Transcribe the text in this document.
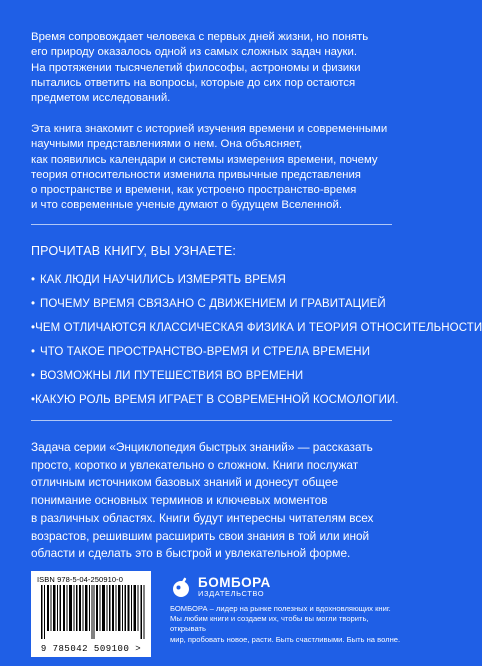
Время сопровождает человека с первых дней жизни, но понять
его природу оказалось одной из самых сложных задач науки.
На протяжении тысячелетий философы, астрономы и физики
пытались ответить на вопросы, которые до сих пор остаются
предметом исследований.

Эта книга знакомит с историей изучения времени и современными
научными представлениями о нем. Она объясняет,
как появились календари и системы измерения времени, почему
теория относительности изменила привычные представления
о пространстве и времени, как устроено пространство-время
и что современные ученые думают о будущем Вселенной.

ПРОЧИТАВ КНИГУ, ВЫ УЗНАЕТЕ:

• КАК ЛЮДИ НАУЧИЛИСЬ ИЗМЕРЯТЬ ВРЕМЯ
• ПОЧЕМУ ВРЕМЯ СВЯЗАНО С ДВИЖЕНИЕМ И ГРАВИТАЦИЕЙ
• ЧЕМ ОТЛИЧАЮТСЯ КЛАССИЧЕСКАЯ ФИЗИКА И ТЕОРИЯ ОТНОСИТЕЛЬНОСТИ
• ЧТО ТАКОЕ ПРОСТРАНСТВО-ВРЕМЯ И СТРЕЛА ВРЕМЕНИ
• ВОЗМОЖНЫ ЛИ ПУТЕШЕСТВИЯ ВО ВРЕМЕНИ
• КАКУЮ РОЛЬ ВРЕМЯ ИГРАЕТ В СОВРЕМЕННОЙ КОСМОЛОГИИ.

Задача серии «Энциклопедия быстрых знаний» — рассказать
просто, коротко и увлекательно о сложном. Книги послужат
отличным источником базовых знаний и донесут общее
понимание основных терминов и ключевых моментов
в различных областях. Книги будут интересны читателям всех
возрастов, решившим расширить свои знания в той или иной
области и сделать это в быстрой и увлекательной форме.

ISBN 978-5-04-250910-0
9 785042 509100 >
БОМБОРА
ИЗДАТЕЛЬСТВО

БОМБОРА – лидер на рынке полезных и вдохновляющих книг.
Мы любим книги и создаем их, чтобы вы могли творить, открывать
мир, пробовать новое, расти. Быть счастливыми. Быть на волне.
